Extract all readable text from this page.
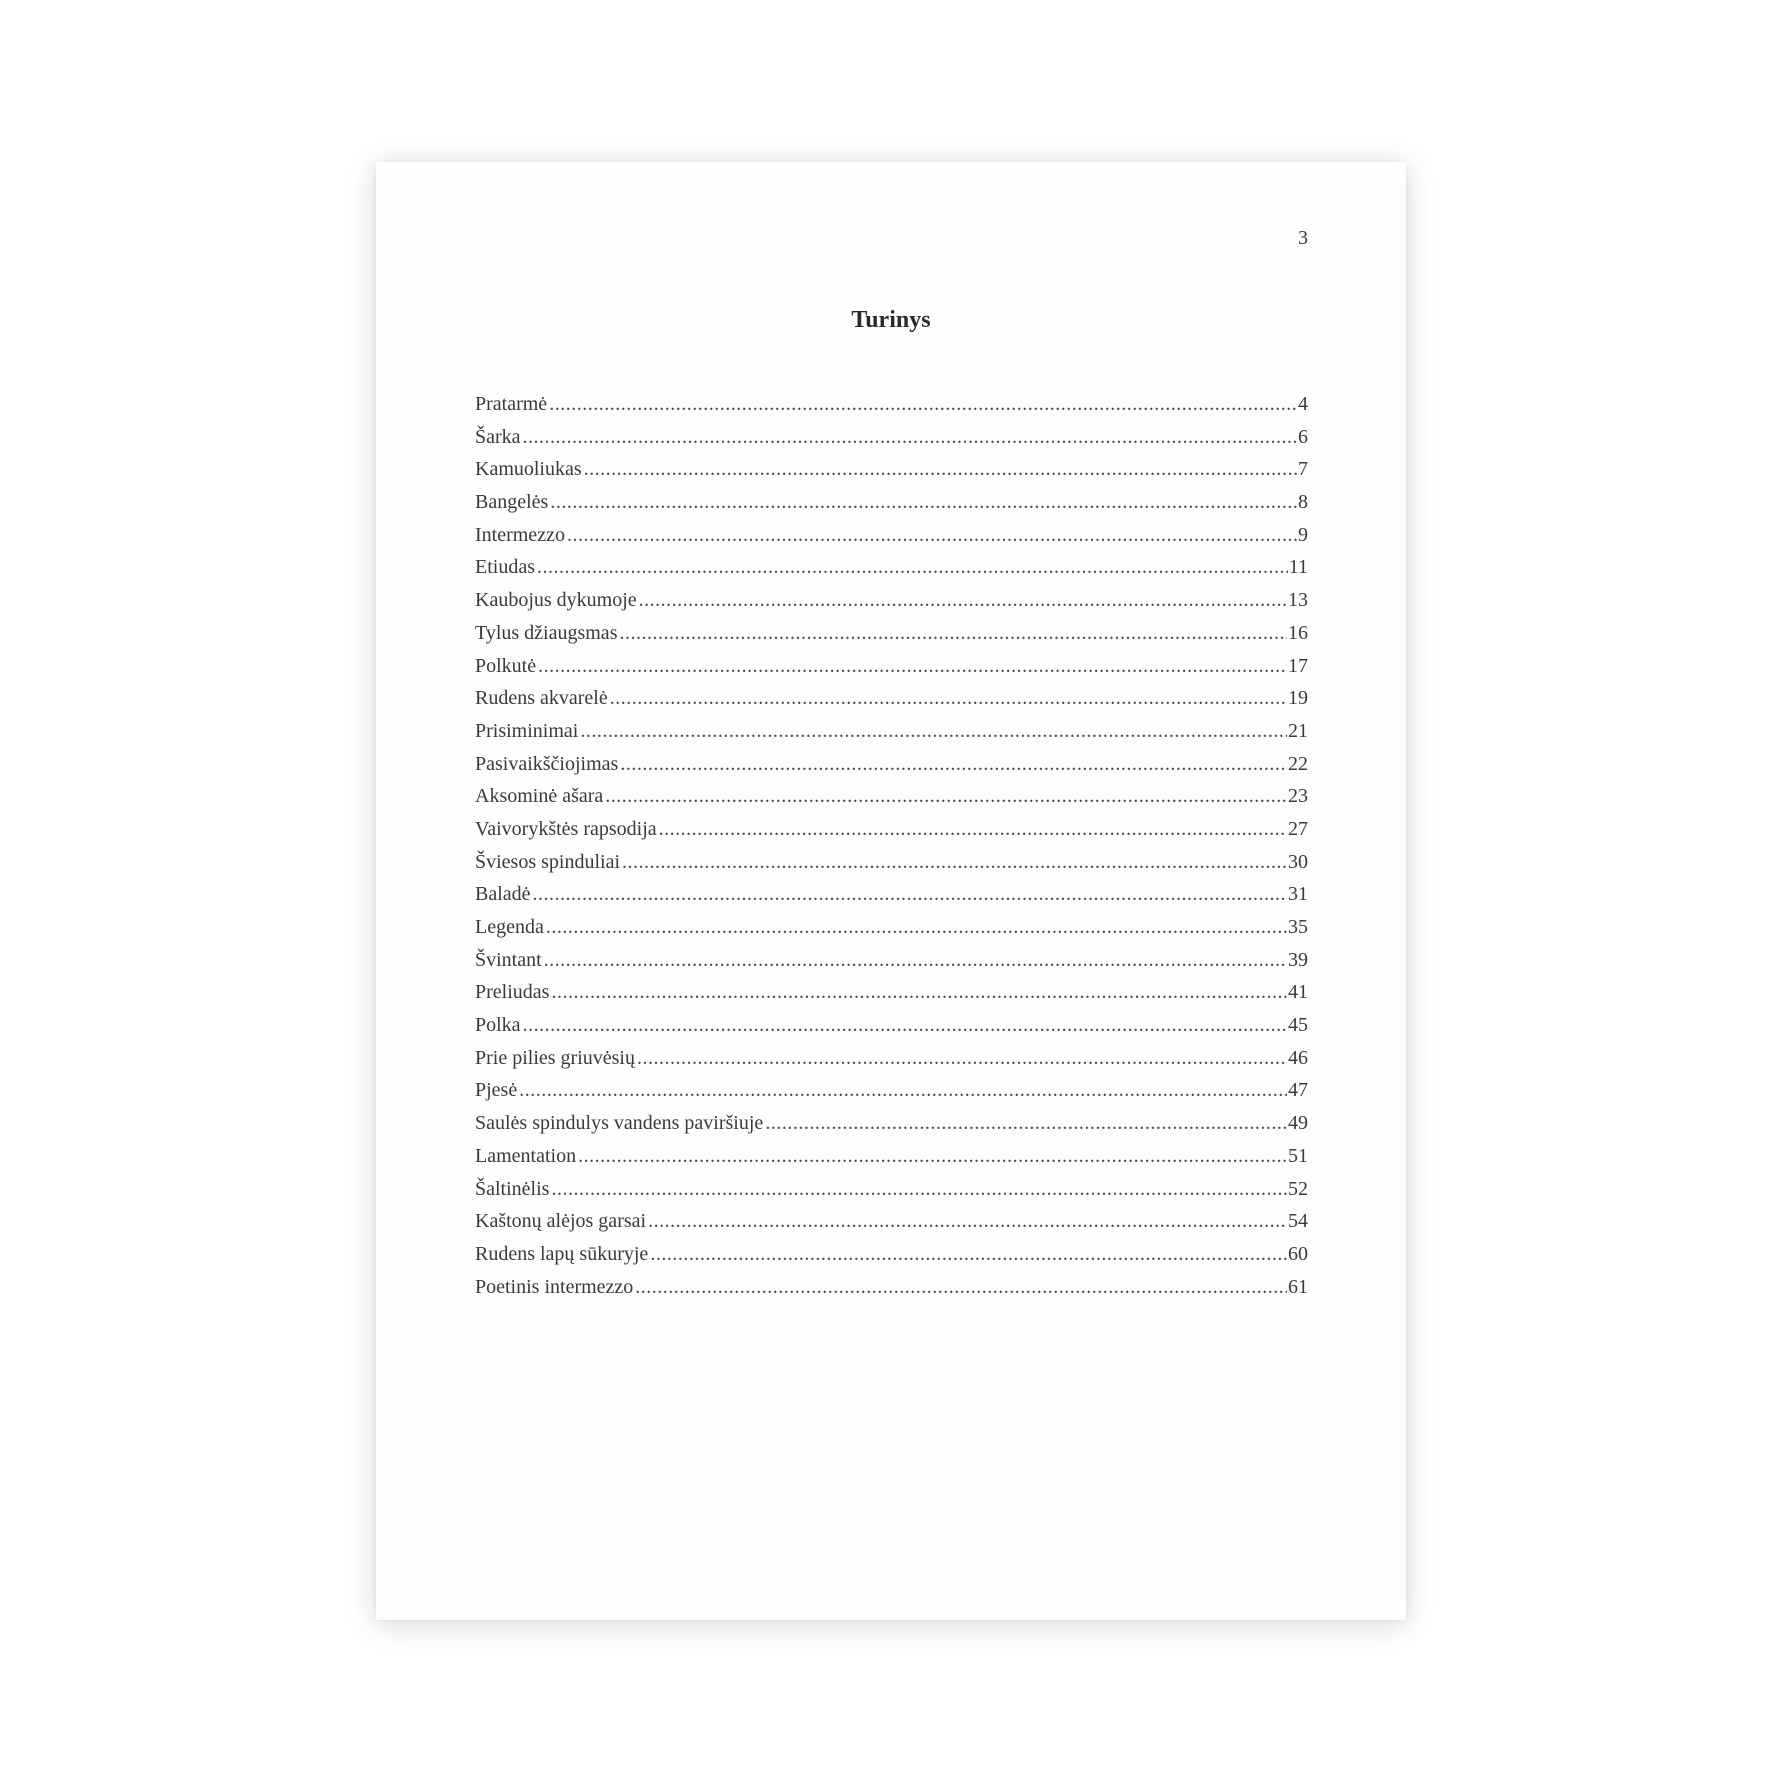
3
Turinys
Pratarmė .....	4
Šarka .....	6
Kamuoliukas .....	7
Bangelės .....	8
Intermezzo .....	9
Etiudas .....	11
Kaubojus dykumoje .....	13
Tylus džiaugsmas .....	16
Polkutė .....	17
Rudens akvarelė .....	19
Prisiminimai .....	21
Pasivaikščiojimas .....	22
Aksominė ašara .....	23
Vaivorykštės rapsodija .....	27
Šviesos spinduliai .....	30
Baladė .....	31
Legenda .....	35
Švintant .....	39
Preliudas .....	41
Polka .....	45
Prie pilies griuvėsių .....	46
Pjesė .....	47
Saulės spindulys vandens paviršiuje .....	49
Lamentation .....	51
Šaltinėlis .....	52
Kaštonų alėjos garsai .....	54
Rudens lapų sūkuryje .....	60
Poetinis intermezzo .....	61
